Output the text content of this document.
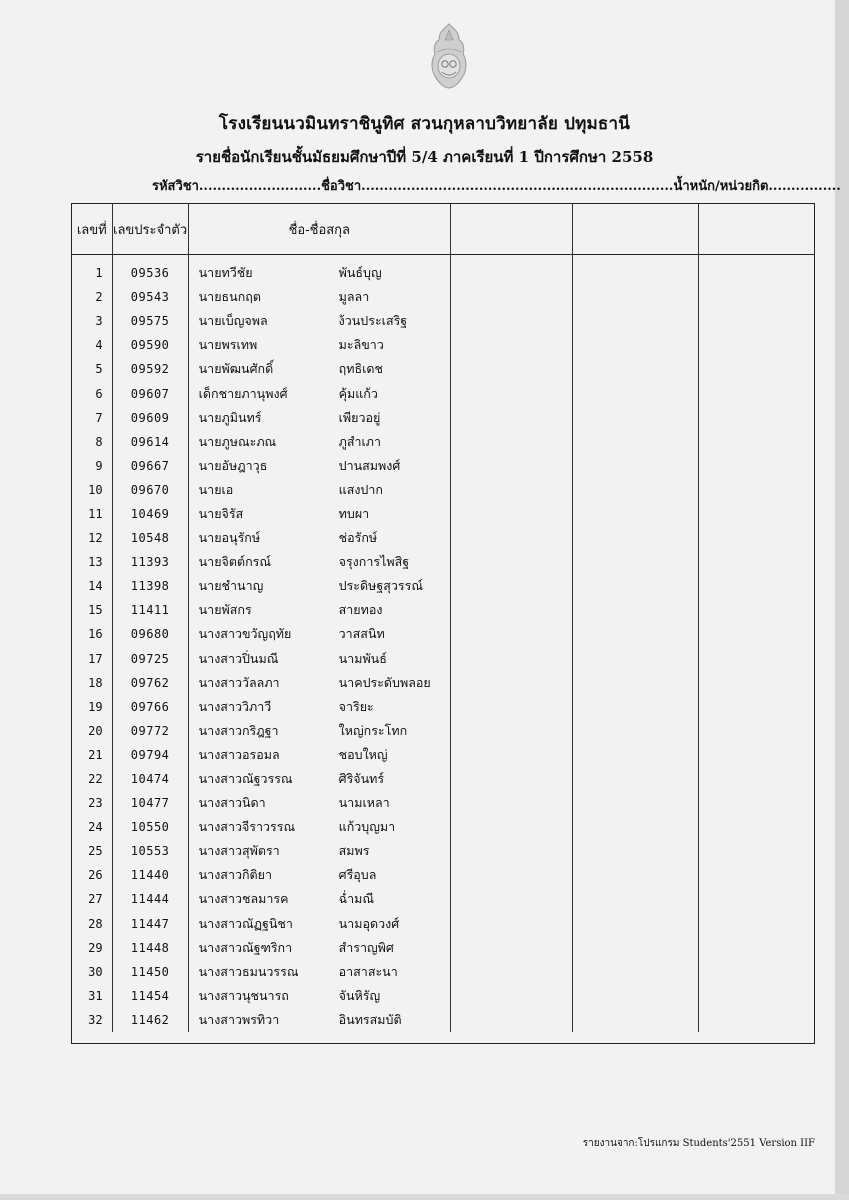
โรงเรียนนวมินทราชินูทิศ สวนกุหลาบวิทยาลัย ปทุมธานี
รายชื่อนักเรียนชั้นมัธยมศึกษาปีที่ 5/4 ภาคเรียนที่ 1 ปีการศึกษา 2558
รหัสวิชา...........................ชื่อวิชา.....................................................................น้ำหนัก/หน่วยกิต................
เลขที่	เลขประจำตัว	ชื่อ-ชื่อสกุล			

1	09536	นายทวีชัย พันธ์บุญ			
2	09543	นายธนกฤต มูลลา			
3	09575	นายเบ็ญจพล ง้วนประเสริฐ			
4	09590	นายพรเทพ มะลิขาว			
5	09592	นายพัฒนศักดิ์ ฤทธิเดช			
6	09607	เด็กชายภานุพงศ์ คุ้มแก้ว			
7	09609	นายภูมินทร์ เพียวอยู่			
8	09614	นายภูษณะภณ ภูสำเภา			
9	09667	นายอัษฎาวุธ ปานสมพงศ์			
10	09670	นายเอ แสงปาก			
11	10469	นายจิรัส ทบผา			
12	10548	นายอนุรักษ์ ช่อรักษ์			
13	11393	นายจิตต์กรณ์ จรุงการไพสิฐ			
14	11398	นายชำนาญ ประดิษฐสุวรรณ์			
15	11411	นายพัสกร สายทอง			
16	09680	นางสาวขวัญฤทัย วาสสนิท			
17	09725	นางสาวปิ่นมณี นามพันธ์			
18	09762	นางสาววัลลภา นาคประดับพลอย			
19	09766	นางสาววิภาวี จาริยะ			
20	09772	นางสาวกริฎฐา ใหญ่กระโทก			
21	09794	นางสาวอรอมล ชอบใหญ่			
22	10474	นางสาวณัฐวรรณ ศิริจันทร์			
23	10477	นางสาวนิดา นามเหลา			
24	10550	นางสาวจีราวรรณ แก้วบุญมา			
25	10553	นางสาวสุพัตรา สมพร			
26	11440	นางสาวกิติยา ศรีอุบล			
27	11444	นางสาวชลมารค ฉ่ำมณี			
28	11447	นางสาวณัฏฐนิชา นามอุดวงศ์			
29	11448	นางสาวณัฐฑริกา สำราญพิศ			
30	11450	นางสาวธมนวรรณ อาสาสะนา			
31	11454	นางสาวนุชนารถ จันหิรัญ			
32	11462	นางสาวพรทิวา อินทรสมบัติ			
รายงานจาก:โปรแกรม Students'2551 Version IIF
